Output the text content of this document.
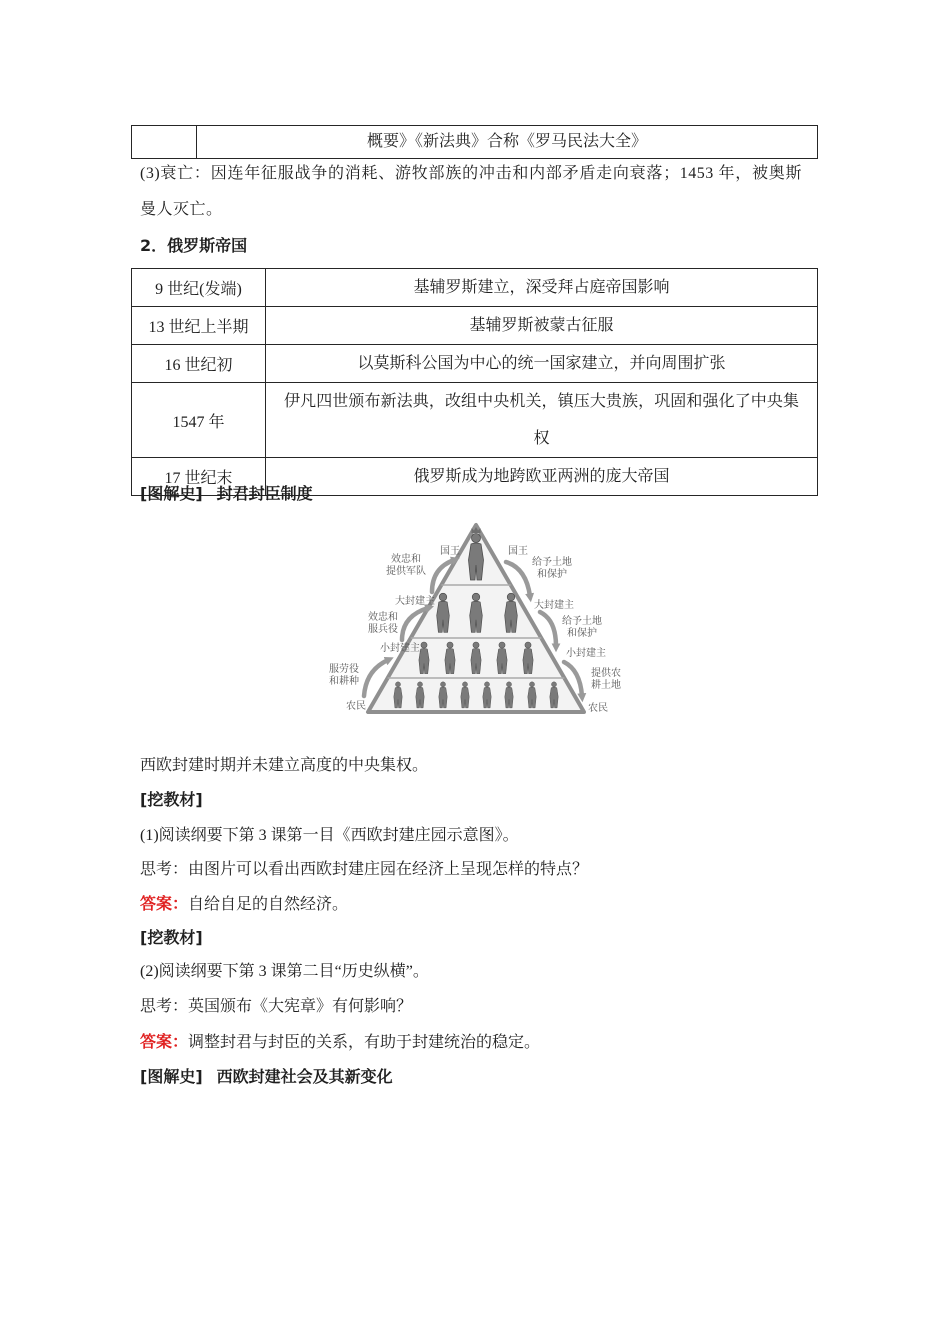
	概要》《新法典》合称《罗马民法大全》
(3)衰亡：因连年征服战争的消耗、游牧部族的冲击和内部矛盾走向衰落；1453 年，被奥斯曼人灭亡。
2．俄罗斯帝国
9 世纪(发端)	基辅罗斯建立，深受拜占庭帝国影响
13 世纪上半期	基辅罗斯被蒙古征服
16 世纪初	以莫斯科公国为中心的统一国家建立，并向周围扩张
1547 年	伊凡四世颁布新法典，改组中央机关，镇压大贵族，巩固和强化了中央集权
17 世纪末	俄罗斯成为地跨欧亚两洲的庞大帝国
[图解史] 封君封臣制度
国王	国王
效忠和
提供军队
给予土地
和保护
大封建主	大封建主
效忠和
服兵役
给予土地
和保护
小封建主	小封建主
服劳役
和耕种
提供农
耕土地
农民	农民
西欧封建时期并未建立高度的中央集权。
[挖教材]
(1)阅读纲要下第 3 课第一目《西欧封建庄园示意图》。
思考：由图片可以看出西欧封建庄园在经济上呈现怎样的特点？
答案：自给自足的自然经济。
[挖教材]
(2)阅读纲要下第 3 课第二目“历史纵横”。
思考：英国颁布《大宪章》有何影响？
答案：调整封君与封臣的关系，有助于封建统治的稳定。
[图解史] 西欧封建社会及其新变化
